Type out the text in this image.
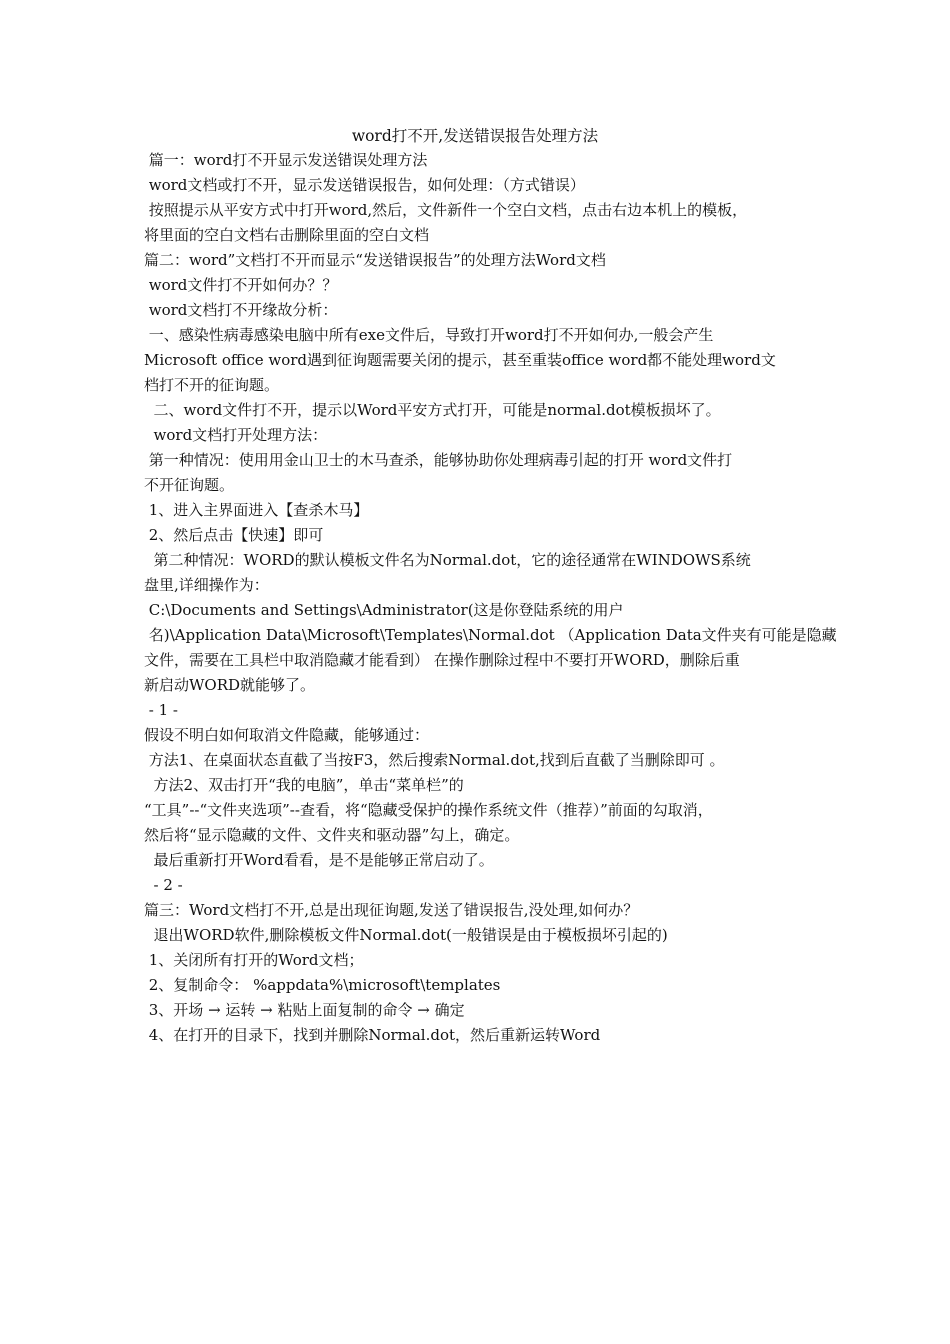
word打不开,发送错误报告处理方法
篇一：word打不开显示发送错误处理方法
word文档或打不开，显示发送错误报告，如何处理：（方式错误）
按照提示从平安方式中打开word,然后，文件新件一个空白文档，点击右边本机上的模板，
将里面的空白文档右击删除里面的空白文档
篇二：word”文档打不开而显示“发送错误报告”的处理方法Word文档
word文件打不开如何办？？
word文档打不开缘故分析：
一、感染性病毒感染电脑中所有exe文件后，导致打开word打不开如何办,一般会产生
Microsoft office word遇到征询题需要关闭的提示，甚至重装office word都不能处理word文
档打不开的征询题。
二、word文件打不开，提示以Word平安方式打开，可能是normal.dot模板损坏了。
word文档打开处理方法：
第一种情况：使用用金山卫士的木马查杀，能够协助你处理病毒引起的打开 word文件打
不开征询题。
1、进入主界面进入【查杀木马】
2、然后点击【快速】即可
第二种情况：WORD的默认模板文件名为Normal.dot，它的途径通常在WINDOWS系统
盘里,详细操作为：
C:\Documents and Settings\Administrator(这是你登陆系统的用户
名)\Application Data\Microsoft\Templates\Normal.dot （Application Data文件夹有可能是隐藏
文件，需要在工具栏中取消隐藏才能看到） 在操作删除过程中不要打开WORD，删除后重
新启动WORD就能够了。
- 1 -
假设不明白如何取消文件隐藏，能够通过：
方法1、在桌面状态直截了当按F3，然后搜索Normal.dot,找到后直截了当删除即可 。
方法2、双击打开“我的电脑”，单击“菜单栏”的
“工具”--“文件夹选项”--查看，将“隐藏受保护的操作系统文件（推荐）”前面的勾取消，
然后将“显示隐藏的文件、文件夹和驱动器”勾上，确定。
最后重新打开Word看看，是不是能够正常启动了。
- 2 -
篇三：Word文档打不开,总是出现征询题,发送了错误报告,没处理,如何办？
退出WORD软件,删除模板文件Normal.dot(一般错误是由于模板损坏引起的)
1、关闭所有打开的Word文档；
2、复制命令： %appdata%\microsoft\templates
3、开场 → 运转 → 粘贴上面复制的命令 → 确定
4、在打开的目录下，找到并删除Normal.dot，然后重新运转Word
